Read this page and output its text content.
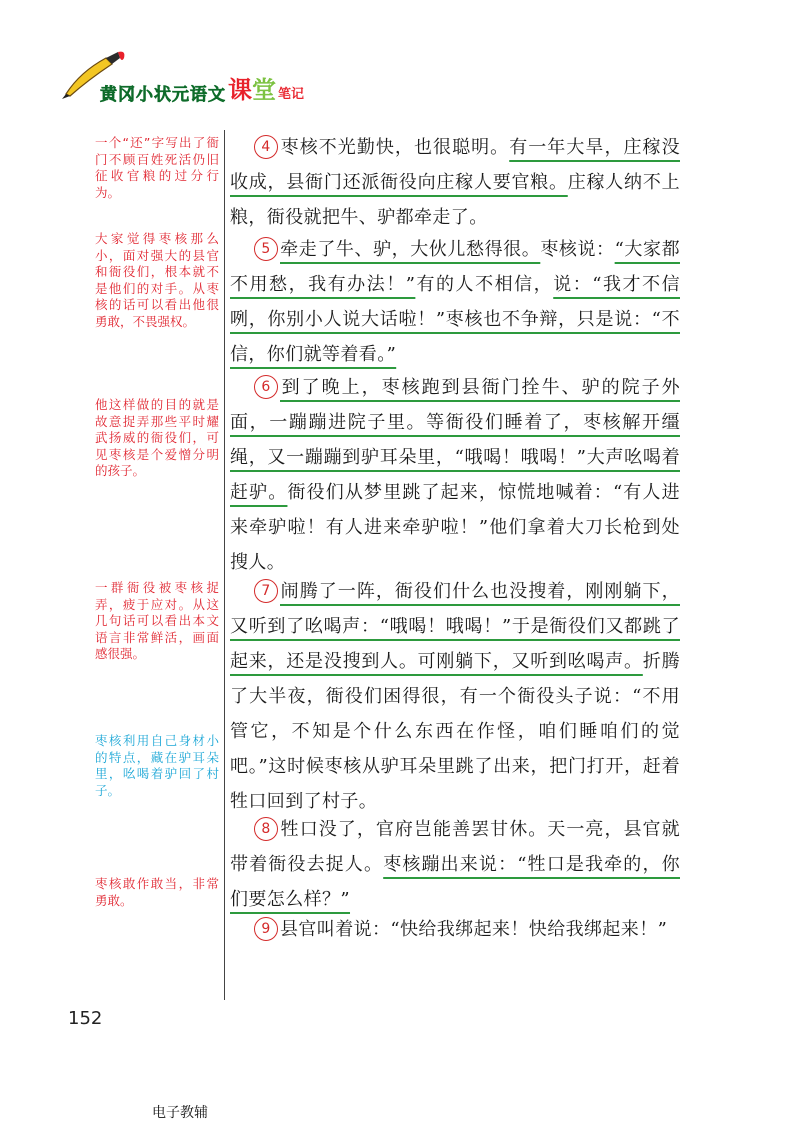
黄冈小状元语文 课 堂 笔记
一个“还”字写出了衙门不顾百姓死活仍旧征收官粮的过分行为。
大家觉得枣核那么小，面对强大的县官和衙役们，根本就不是他们的对手。从枣核的话可以看出他很勇敢，不畏强权。
他这样做的目的就是故意捉弄那些平时耀武扬威的衙役们，可见枣核是个爱憎分明的孩子。
一群衙役被枣核捉弄，疲于应对。从这几句话可以看出本文语言非常鲜活，画面感很强。
枣核利用自己身材小的特点，藏在驴耳朵里，吆喝着驴回了村子。
枣核敢作敢当，非常勇敢。
4 枣核不光勤快，也很聪明。有一年大旱，庄稼没收成，县衙门还派衙役向庄稼人要官粮。庄稼人纳不上粮，衙役就把牛、驴都牵走了。
5 牵走了牛、驴，大伙儿愁得很。枣核说：“大家都不用愁，我有办法！”有的人不相信，说：“我才不信咧，你别小人说大话啦！”枣核也不争辩，只是说：“不信，你们就等着看。”
6 到了晚上，枣核跑到县衙门拴牛、驴的院子外面，一蹦蹦进院子里。等衙役们睡着了，枣核解开缰绳，又一蹦蹦到驴耳朵里，“哦喝！哦喝！”大声吆喝着赶驴。衙役们从梦里跳了起来，惊慌地喊着：“有人进来牵驴啦！有人进来牵驴啦！”他们拿着大刀长枪到处搜人。
7 闹腾了一阵，衙役们什么也没搜着，刚刚躺下，又听到了吆喝声：“哦喝！哦喝！”于是衙役们又都跳了起来，还是没搜到人。可刚躺下，又听到吆喝声。折腾了大半夜，衙役们困得很，有一个衙役头子说：“不用管它，不知是个什么东西在作怪，咱们睡咱们的觉吧。”这时候枣核从驴耳朵里跳了出来，把门打开，赶着牲口回到了村子。
8 牲口没了，官府岂能善罢甘休。天一亮，县官就带着衙役去捉人。枣核蹦出来说：“牲口是我牵的，你们要怎么样？”
9 县官叫着说：“快给我绑起来！快给我绑起来！”
152
电子教辅
